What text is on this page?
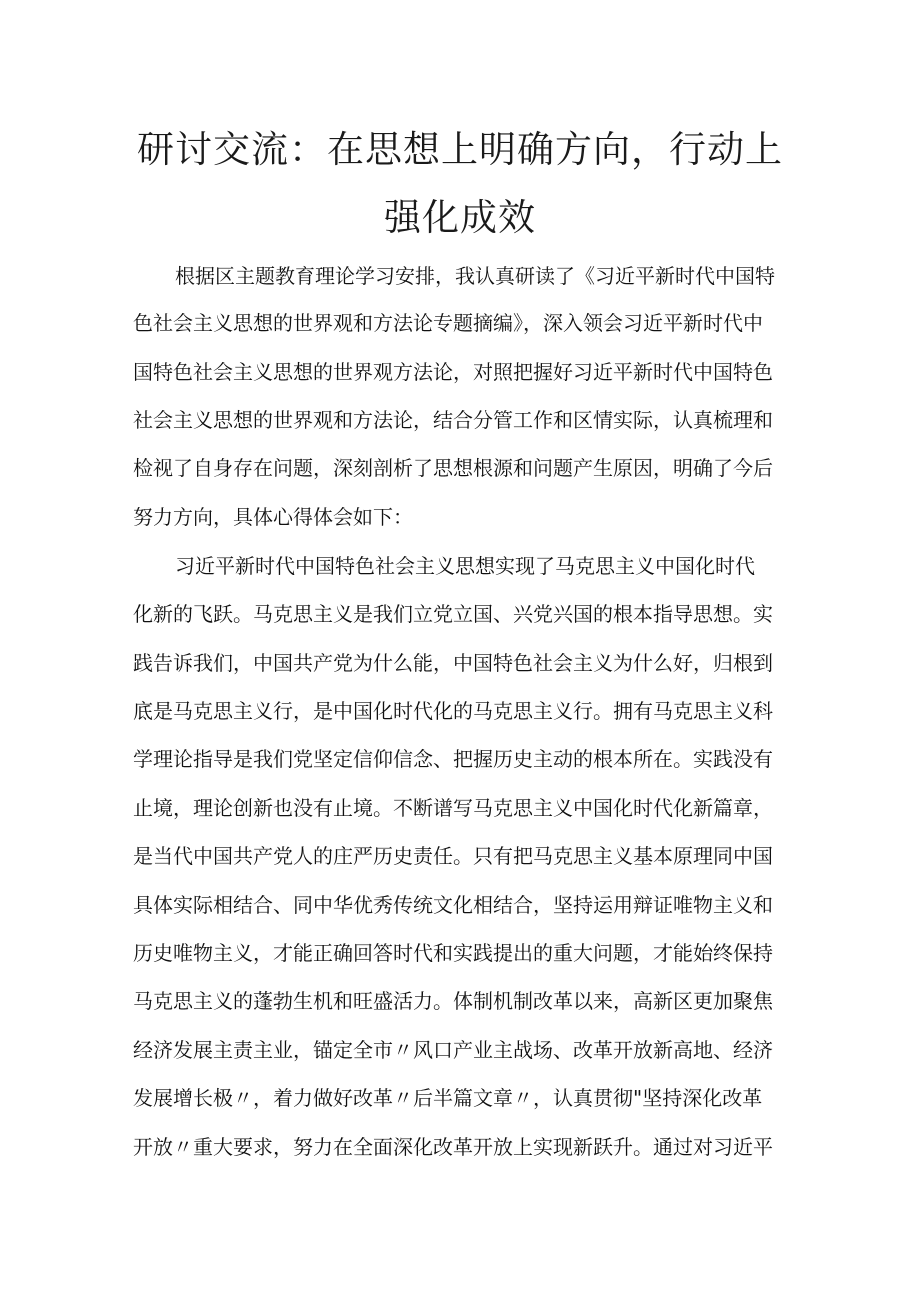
研讨交流：在思想上明确方向，行动上
强化成效
根据区主题教育理论学习安排，我认真研读了《习近平新时代中国特
色社会主义思想的世界观和方法论专题摘编》，深入领会习近平新时代中
国特色社会主义思想的世界观方法论，对照把握好习近平新时代中国特色
社会主义思想的世界观和方法论，结合分管工作和区情实际，认真梳理和
检视了自身存在问题，深刻剖析了思想根源和问题产生原因，明确了今后
努力方向，具体心得体会如下：
习近平新时代中国特色社会主义思想实现了马克思主义中国化时代
化新的飞跃。马克思主义是我们立党立国、兴党兴国的根本指导思想。实
践告诉我们，中国共产党为什么能，中国特色社会主义为什么好，归根到
底是马克思主义行，是中国化时代化的马克思主义行。拥有马克思主义科
学理论指导是我们党坚定信仰信念、把握历史主动的根本所在。实践没有
止境，理论创新也没有止境。不断谱写马克思主义中国化时代化新篇章，
是当代中国共产党人的庄严历史责任。只有把马克思主义基本原理同中国
具体实际相结合、同中华优秀传统文化相结合，坚持运用辩证唯物主义和
历史唯物主义，才能正确回答时代和实践提出的重大问题，才能始终保持
马克思主义的蓬勃生机和旺盛活力。体制机制改革以来，高新区更加聚焦
经济发展主责主业，锚定全市〃风口产业主战场、改革开放新高地、经济
发展增长极〃，着力做好改革〃后半篇文章〃，认真贯彻"坚持深化改革
开放〃重大要求，努力在全面深化改革开放上实现新跃升。通过对习近平
